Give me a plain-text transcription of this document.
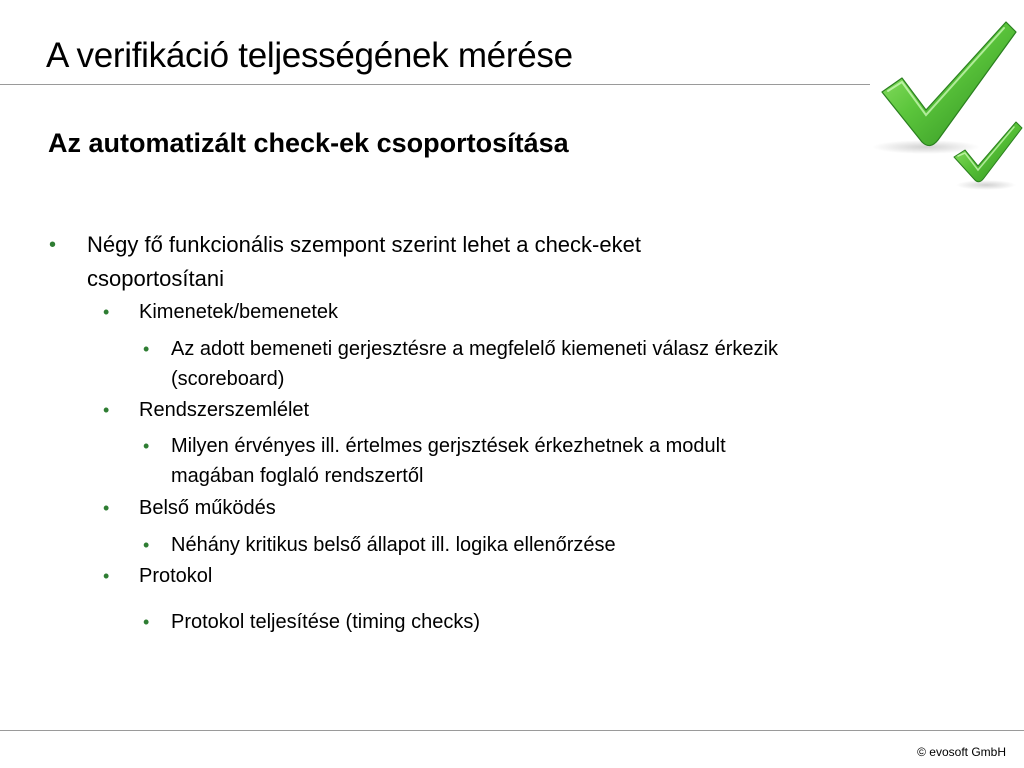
A verifikáció teljességének mérése
Az automatizált check-ek csoportosítása
• Négy fő funkcionális szempont szerint lehet a check-eket
csoportosítani
• Kimenetek/bemenetek
• Az adott bemeneti gerjesztésre a megfelelő kiemeneti válasz érkezik
(scoreboard)
• Rendszerszemlélet
• Milyen érvényes ill. értelmes gerjsztések érkezhetnek a modult
magában foglaló rendszertől
• Belső működés
• Néhány kritikus belső állapot ill. logika ellenőrzése
• Protokol
• Protokol teljesítése (timing checks)
© evosoft GmbH
